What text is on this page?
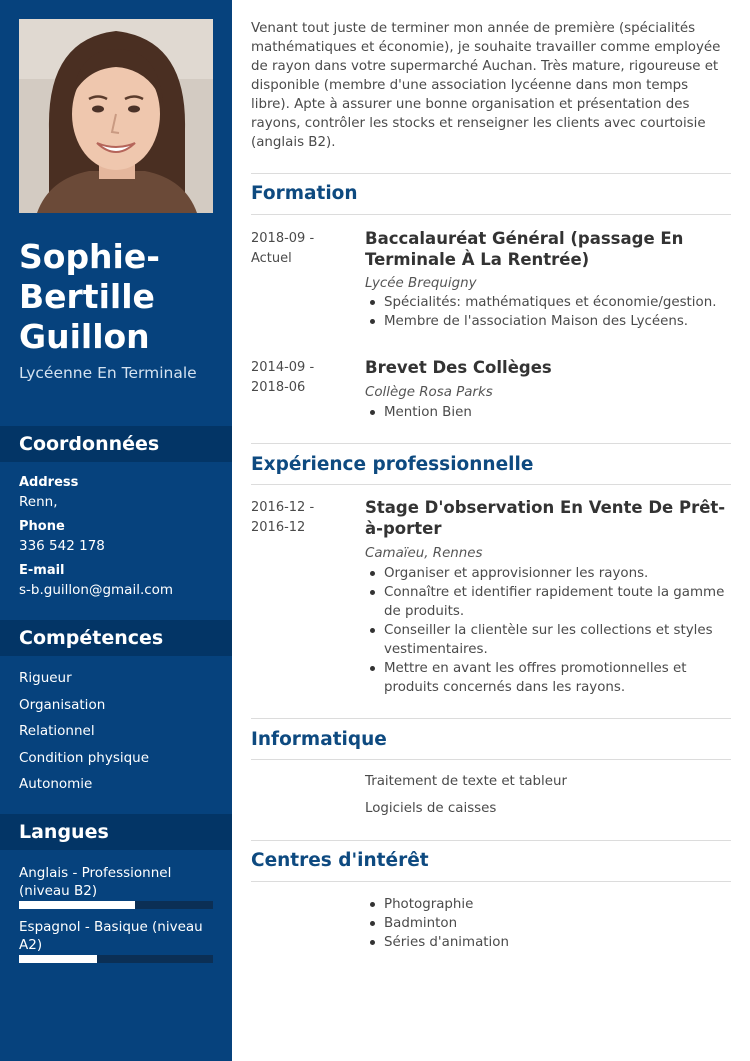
Sophie-Bertille Guillon
Lycéenne En Terminale
Coordonnées
Address
Renn,
Phone
336 542 178
E-mail
s-b.guillon@gmail.com
Compétences
Rigueur
Organisation
Relationnel
Condition physique
Autonomie
Langues
Anglais - Professionnel (niveau B2)
Espagnol - Basique (niveau A2)
Venant tout juste de terminer mon année de première (spécialités mathématiques et économie), je souhaite travailler comme employée de rayon dans votre supermarché Auchan. Très mature, rigoureuse et disponible (membre d'une association lycéenne dans mon temps libre). Apte à assurer une bonne organisation et présentation des rayons, contrôler les stocks et renseigner les clients avec courtoisie (anglais B2).
Formation
2018-09 - Actuel
Baccalauréat Général (passage En Terminale À La Rentrée)
Lycée Brequigny
Spécialités: mathématiques et économie/gestion.
Membre de l'association Maison des Lycéens.
2014-09 - 2018-06
Brevet Des Collèges
Collège Rosa Parks
Mention Bien
Expérience professionnelle
2016-12 - 2016-12
Stage D'observation En Vente De Prêt-à-porter
Camaïeu, Rennes
Organiser et approvisionner les rayons.
Connaître et identifier rapidement toute la gamme de produits.
Conseiller la clientèle sur les collections et styles vestimentaires.
Mettre en avant les offres promotionnelles et produits concernés dans les rayons.
Informatique
Traitement de texte et tableur
Logiciels de caisses
Centres d'intérêt
Photographie
Badminton
Séries d'animation
